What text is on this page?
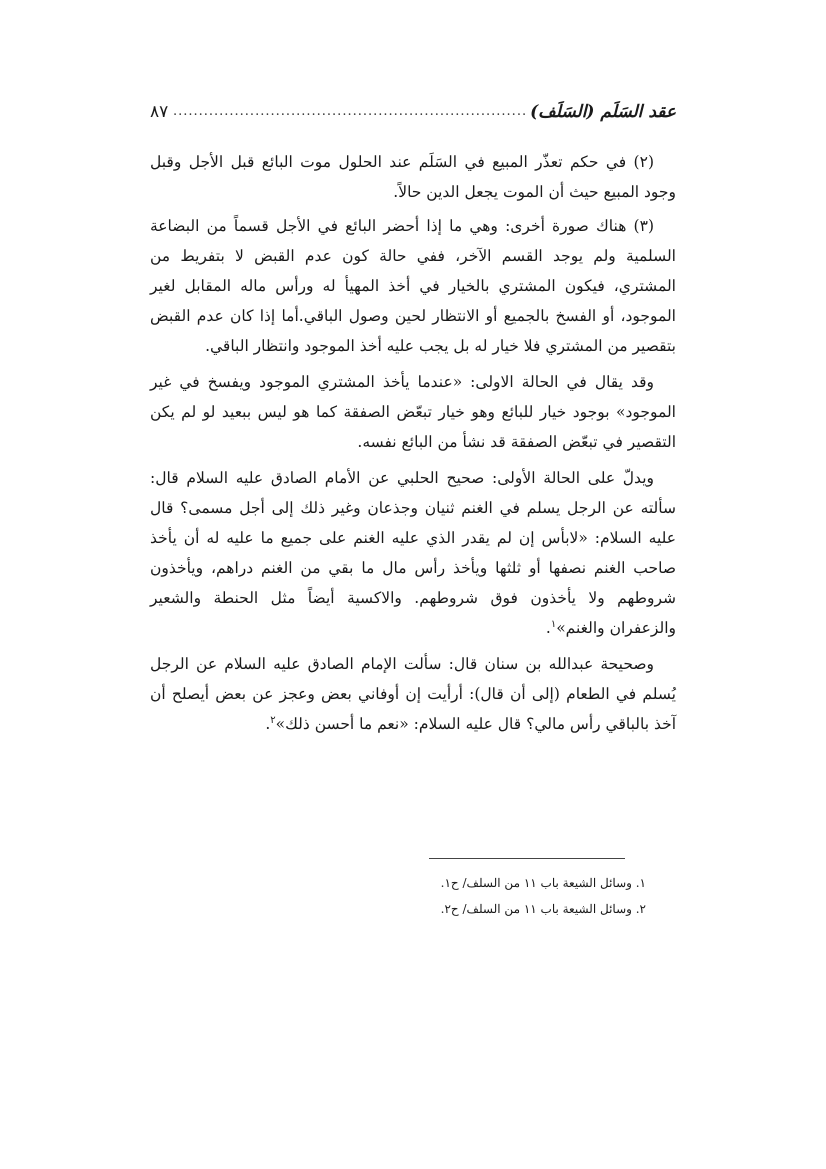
عقد السَلَم (السَلَف)
.....
٨٧

(٢) في حكم تعذّر المبيع في السَلَم عند الحلول موت البائع قبل الأجل وقبل وجود المبيع حيث أن الموت يجعل الدين حالاً.

(٣) هناك صورة أخرى: وهي ما إذا أحضر البائع في الأجل قسماً من البضاعة السلمية ولم يوجد القسم الآخر، ففي حالة كون عدم القبض لا بتفريط من المشتري، فيكون المشتري بالخيار في أخذ المهيأ له ورأس ماله المقابل لغير الموجود، أو الفسخ بالجميع أو الانتظار لحين وصول الباقي.أما إذا كان عدم القبض بتقصير من المشتري فلا خيار له بل يجب عليه أخذ الموجود وانتظار الباقي.

وقد يقال في الحالة الاولى: «عندما يأخذ المشتري الموجود ويفسخ في غير الموجود» بوجود خيار للبائع وهو خيار تبعّض الصفقة كما هو ليس ببعيد لو لم يكن التقصير في تبعّض الصفقة قد نشأ من البائع نفسه.

ويدلّ على الحالة الأولى: صحيح الحلبي عن الأمام الصادق عليه السلام قال: سألته عن الرجل يسلم في الغنم ثنيان وجذعان وغير ذلك إلى أجل مسمى؟ قال عليه السلام: «لابأس إن لم يقدر الذي عليه الغنم على جميع ما عليه له أن يأخذ صاحب الغنم نصفها أو ثلثها ويأخذ رأس مال ما بقي من الغنم دراهم، ويأخذون شروطهم ولا يأخذون فوق شروطهم. والاكسية أيضاً مثل الحنطة والشعير والزعفران والغنم»$^١$.

وصحيحة عبدالله بن سنان قال: سألت الإمام الصادق عليه السلام عن الرجل يُسلم في الطعام (إلى أن قال): أرأيت إن أوفاني بعض وعجز عن بعض أيصلح أن آخذ بالباقي رأس مالي؟ قال عليه السلام: «نعم ما أحسن ذلك»$^٢$.

١. وسائل الشيعة باب ١١ من السلف/ ح١.

٢. وسائل الشيعة باب ١١ من السلف/ ح٢.
